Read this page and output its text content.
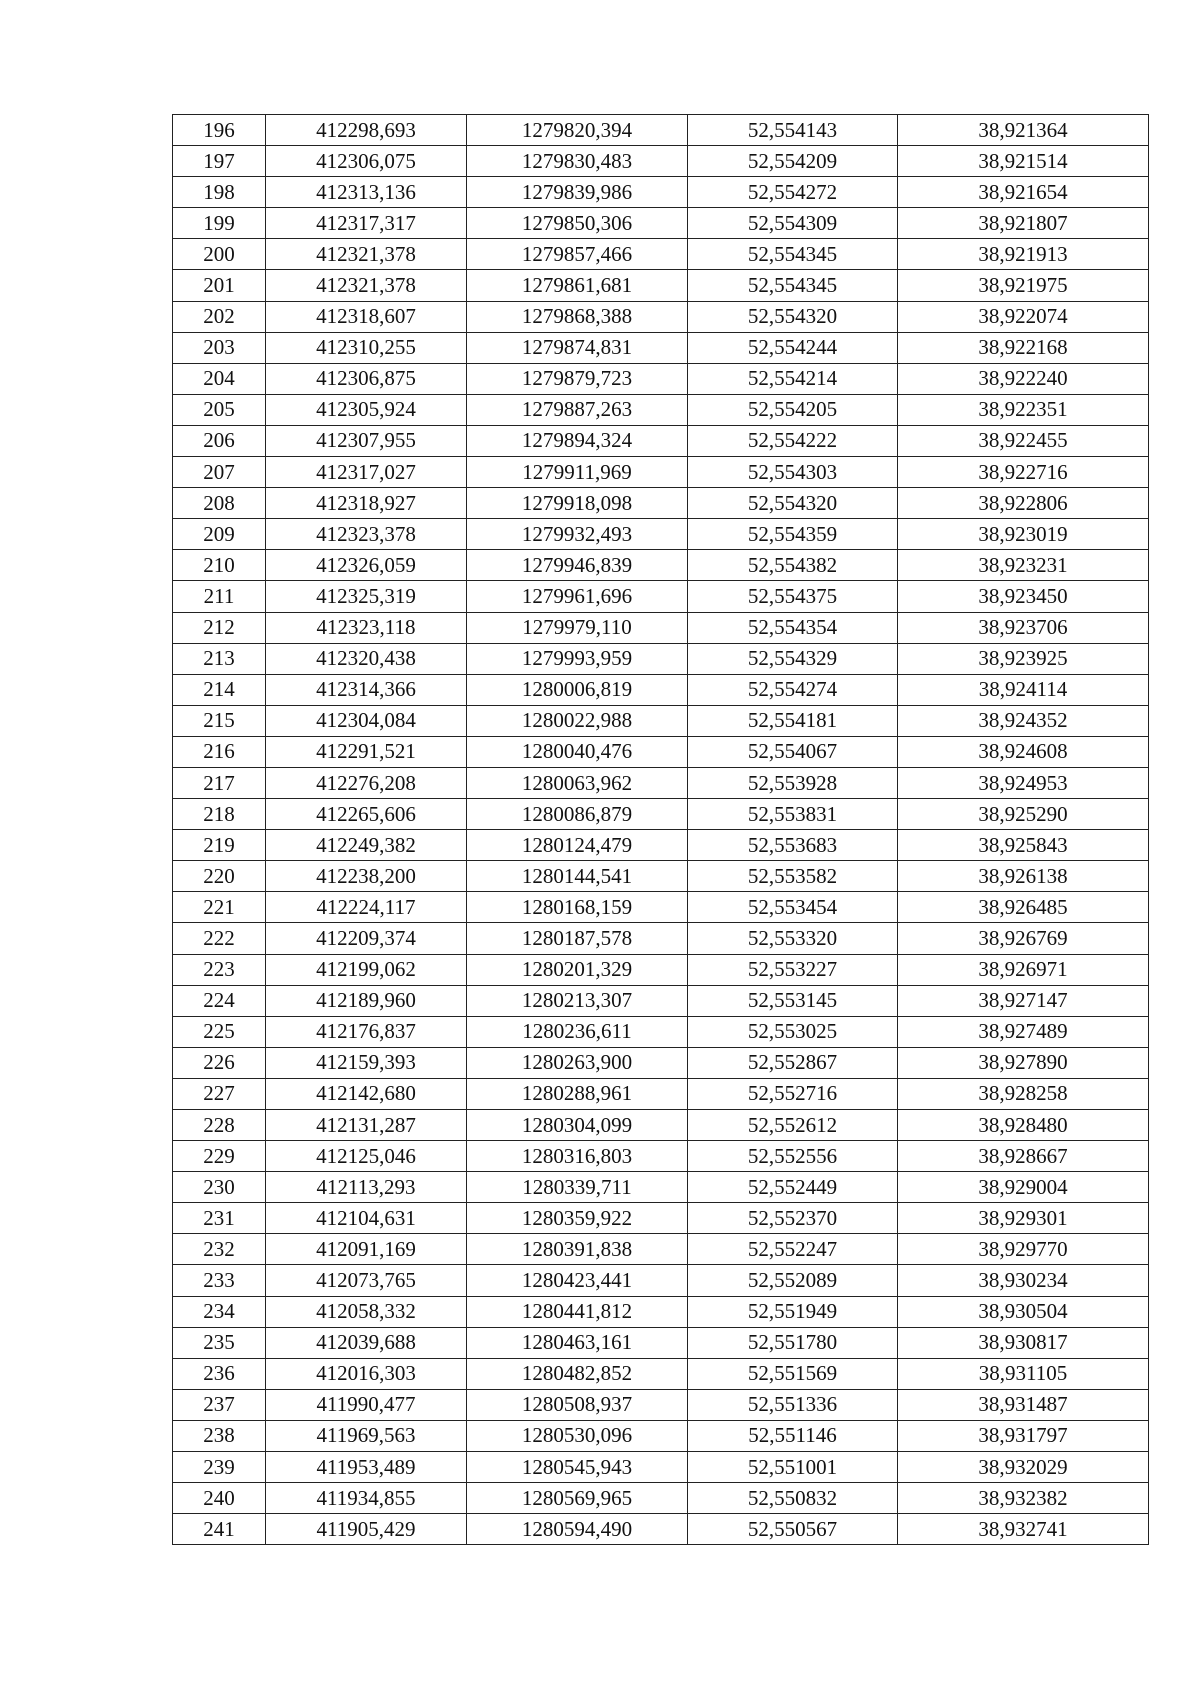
196	412298,693	1279820,394	52,554143	38,921364
197	412306,075	1279830,483	52,554209	38,921514
198	412313,136	1279839,986	52,554272	38,921654
199	412317,317	1279850,306	52,554309	38,921807
200	412321,378	1279857,466	52,554345	38,921913
201	412321,378	1279861,681	52,554345	38,921975
202	412318,607	1279868,388	52,554320	38,922074
203	412310,255	1279874,831	52,554244	38,922168
204	412306,875	1279879,723	52,554214	38,922240
205	412305,924	1279887,263	52,554205	38,922351
206	412307,955	1279894,324	52,554222	38,922455
207	412317,027	1279911,969	52,554303	38,922716
208	412318,927	1279918,098	52,554320	38,922806
209	412323,378	1279932,493	52,554359	38,923019
210	412326,059	1279946,839	52,554382	38,923231
211	412325,319	1279961,696	52,554375	38,923450
212	412323,118	1279979,110	52,554354	38,923706
213	412320,438	1279993,959	52,554329	38,923925
214	412314,366	1280006,819	52,554274	38,924114
215	412304,084	1280022,988	52,554181	38,924352
216	412291,521	1280040,476	52,554067	38,924608
217	412276,208	1280063,962	52,553928	38,924953
218	412265,606	1280086,879	52,553831	38,925290
219	412249,382	1280124,479	52,553683	38,925843
220	412238,200	1280144,541	52,553582	38,926138
221	412224,117	1280168,159	52,553454	38,926485
222	412209,374	1280187,578	52,553320	38,926769
223	412199,062	1280201,329	52,553227	38,926971
224	412189,960	1280213,307	52,553145	38,927147
225	412176,837	1280236,611	52,553025	38,927489
226	412159,393	1280263,900	52,552867	38,927890
227	412142,680	1280288,961	52,552716	38,928258
228	412131,287	1280304,099	52,552612	38,928480
229	412125,046	1280316,803	52,552556	38,928667
230	412113,293	1280339,711	52,552449	38,929004
231	412104,631	1280359,922	52,552370	38,929301
232	412091,169	1280391,838	52,552247	38,929770
233	412073,765	1280423,441	52,552089	38,930234
234	412058,332	1280441,812	52,551949	38,930504
235	412039,688	1280463,161	52,551780	38,930817
236	412016,303	1280482,852	52,551569	38,931105
237	411990,477	1280508,937	52,551336	38,931487
238	411969,563	1280530,096	52,551146	38,931797
239	411953,489	1280545,943	52,551001	38,932029
240	411934,855	1280569,965	52,550832	38,932382
241	411905,429	1280594,490	52,550567	38,932741
